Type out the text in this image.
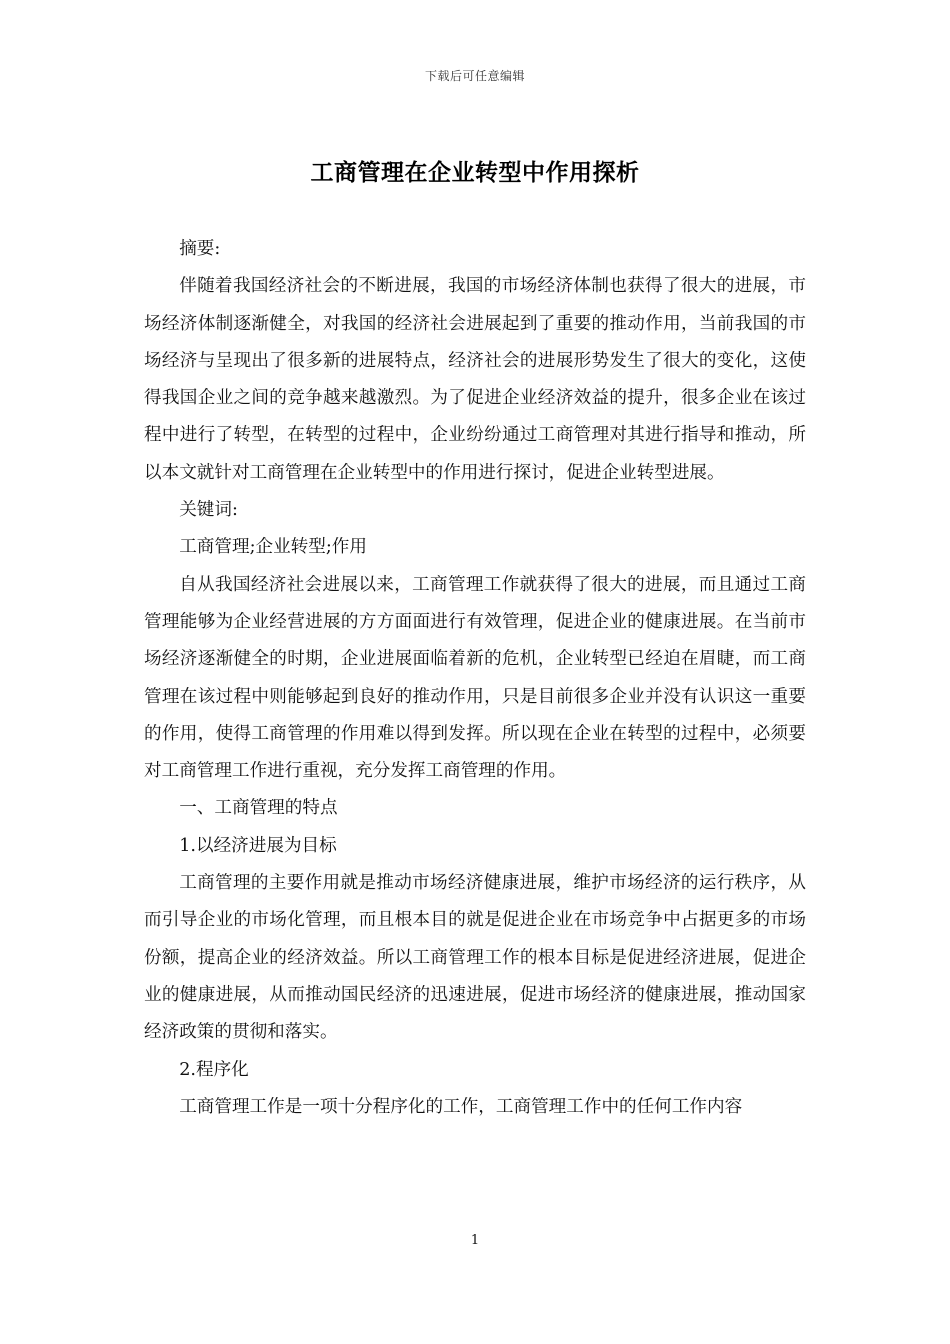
下载后可任意编辑
工商管理在企业转型中作用探析

摘要:

伴随着我国经济社会的不断进展，我国的市场经济体制也获得了很大的进展，市场经济体制逐渐健全，对我国的经济社会进展起到了重要的推动作用，当前我国的市场经济与呈现出了很多新的进展特点，经济社会的进展形势发生了很大的变化，这使得我国企业之间的竞争越来越激烈。为了促进企业经济效益的提升，很多企业在该过程中进行了转型，在转型的过程中，企业纷纷通过工商管理对其进行指导和推动，所以本文就针对工商管理在企业转型中的作用进行探讨，促进企业转型进展。

关键词:

工商管理;企业转型;作用

自从我国经济社会进展以来，工商管理工作就获得了很大的进展，而且通过工商管理能够为企业经营进展的方方面面进行有效管理，促进企业的健康进展。在当前市场经济逐渐健全的时期，企业进展面临着新的危机，企业转型已经迫在眉睫，而工商管理在该过程中则能够起到良好的推动作用，只是目前很多企业并没有认识这一重要的作用，使得工商管理的作用难以得到发挥。所以现在企业在转型的过程中，必须要对工商管理工作进行重视，充分发挥工商管理的作用。

一、工商管理的特点

1.以经济进展为目标

工商管理的主要作用就是推动市场经济健康进展，维护市场经济的运行秩序，从而引导企业的市场化管理，而且根本目的就是促进企业在市场竞争中占据更多的市场份额，提高企业的经济效益。所以工商管理工作的根本目标是促进经济进展，促进企业的健康进展，从而推动国民经济的迅速进展，促进市场经济的健康进展，推动国家经济政策的贯彻和落实。

2.程序化

工商管理工作是一项十分程序化的工作，工商管理工作中的任何工作内容

1
